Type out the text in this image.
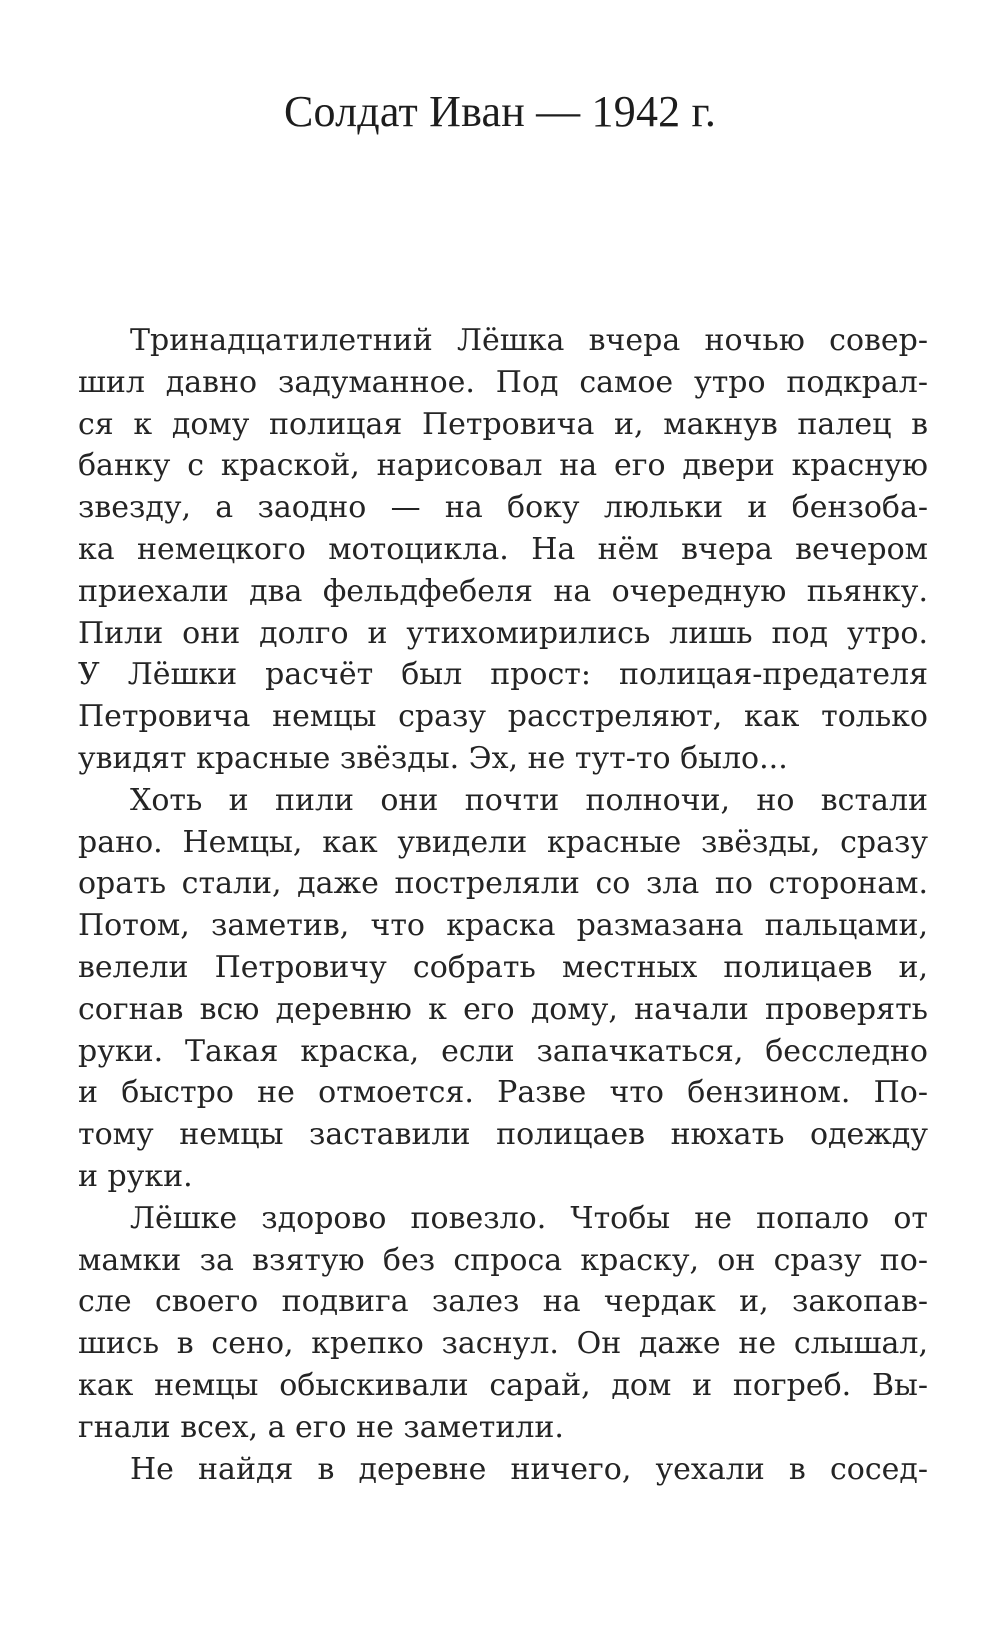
Солдат Иван — 1942 г.

Тринадцатилетний Лёшка вчера ночью совер-
шил давно задуманное. Под самое утро подкрал-
ся к дому полицая Петровича и, макнув палец в
банку с краской, нарисовал на его двери красную
звезду, а заодно — на боку люльки и бензоба-
ка немецкого мотоцикла. На нём вчера вечером
приехали два фельдфебеля на очередную пьянку.
Пили они долго и утихомирились лишь под утро.
У Лёшки расчёт был прост: полицая-предателя
Петровича немцы сразу расстреляют, как только
увидят красные звёзды. Эх, не тут-то было...

Хоть и пили они почти полночи, но встали
рано. Немцы, как увидели красные звёзды, сразу
орать стали, даже постреляли со зла по сторонам.
Потом, заметив, что краска размазана пальцами,
велели Петровичу собрать местных полицаев и,
согнав всю деревню к его дому, начали проверять
руки. Такая краска, если запачкаться, бесследно
и быстро не отмоется. Разве что бензином. По-
тому немцы заставили полицаев нюхать одежду
и руки.

Лёшке здорово повезло. Чтобы не попало от
мамки за взятую без спроса краску, он сразу по-
сле своего подвига залез на чердак и, закопав-
шись в сено, крепко заснул. Он даже не слышал,
как немцы обыскивали сарай, дом и погреб. Вы-
гнали всех, а его не заметили.

Не найдя в деревне ничего, уехали в сосед-
